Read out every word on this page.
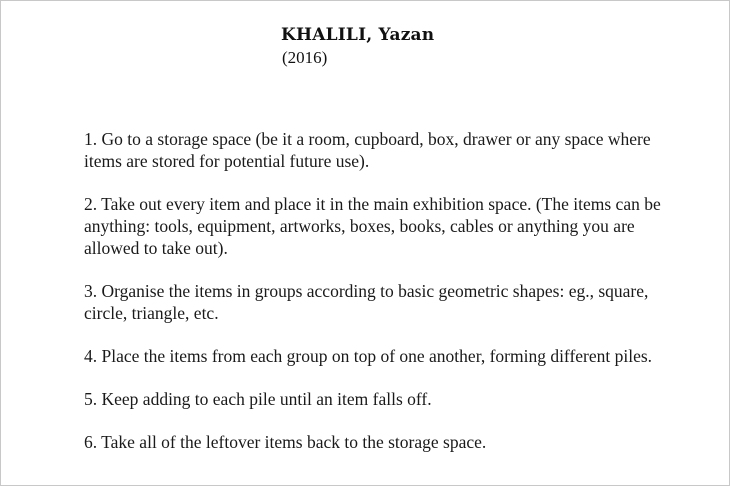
KHALILI, Yazan

(2016)

1. Go to a storage space (be it a room, cupboard, box, drawer or any space where items are stored for potential future use).
2. Take out every item and place it in the main exhibition space. (The items can be anything: tools, equipment, artworks, boxes, books, cables or anything you are allowed to take out).
3. Organise the items in groups according to basic geometric shapes: eg., square, circle, triangle, etc.
4. Place the items from each group on top of one another, forming different piles.
5. Keep adding to each pile until an item falls off.
6. Take all of the leftover items back to the storage space.
